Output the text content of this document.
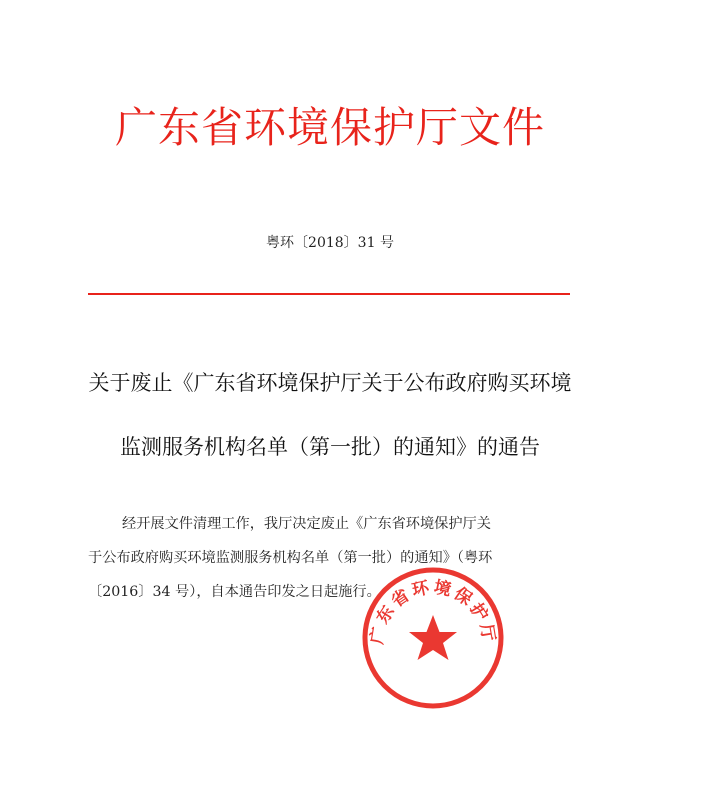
广东省环境保护厅文件
粤环〔2018〕31 号
关于废止《广东省环境保护厅关于公布政府购买环境
监测服务机构名单（第一批）的通知》的通告
经开展文件清理工作，我厅决定废止《广东省环境保护厅关
于公布政府购买环境监测服务机构名单（第一批）的通知》（粤环
〔2016〕34 号），自本通告印发之日起施行。
广东省环境保护厅
